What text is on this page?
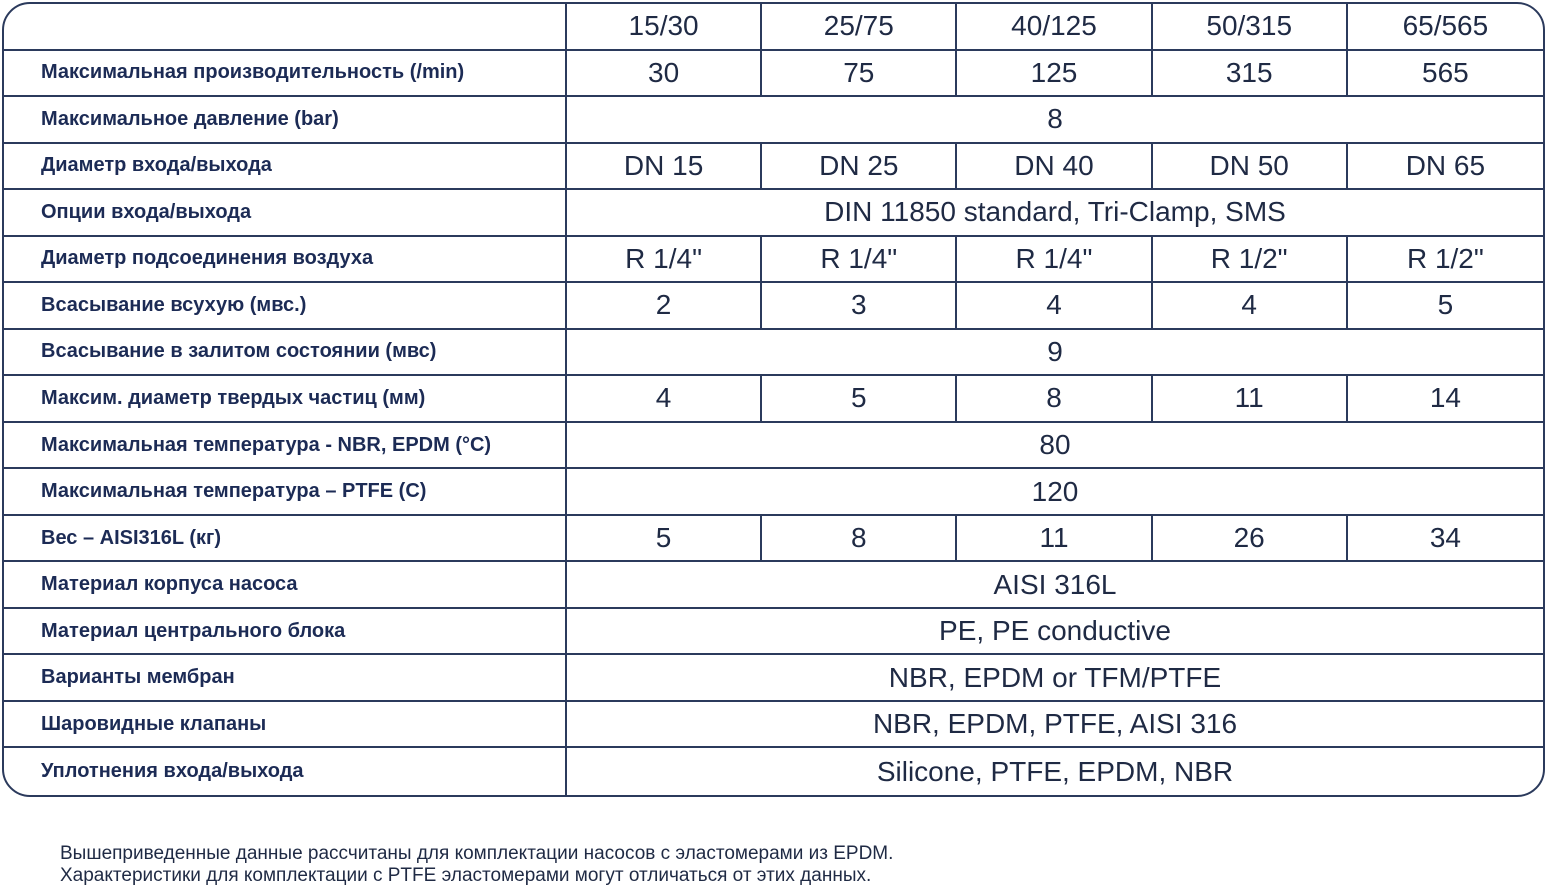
15/30	25/75	40/125	50/315	65/565
Максимальная производительность (/min)	30	75	125	315	565
Максимальное давление (bar)	8
Диаметр входа/выхода	DN 15	DN 25	DN 40	DN 50	DN 65
Опции входа/выхода	DIN 11850 standard, Tri-Clamp, SMS
Диаметр подсоединения воздуха	R 1/4"	R 1/4"	R 1/4"	R 1/2"	R 1/2"
Всасывание всухую (мвс.)	2	3	4	4	5
Всасывание в залитом состоянии (мвс)	9
Максим. диаметр твердых частиц (мм)	4	5	8	11	14
Максимальная температура - NBR, EPDM (°C)	80
Максимальная температура – PTFE (C)	120
Вес – AISI316L (кг)	5	8	11	26	34
Материал корпуса насоса	AISI 316L
Материал центрального блока	PE, PE conductive
Варианты мембран	NBR, EPDM or TFM/PTFE
Шаровидные клапаны	NBR, EPDM, PTFE, AISI 316
Уплотнения входа/выхода	Silicone, PTFE, EPDM, NBR
Вышеприведенные данные рассчитаны для комплектации насосов с эластомерами из EPDM.
Характеристики для комплектации с PTFE эластомерами могут отличаться от этих данных.
